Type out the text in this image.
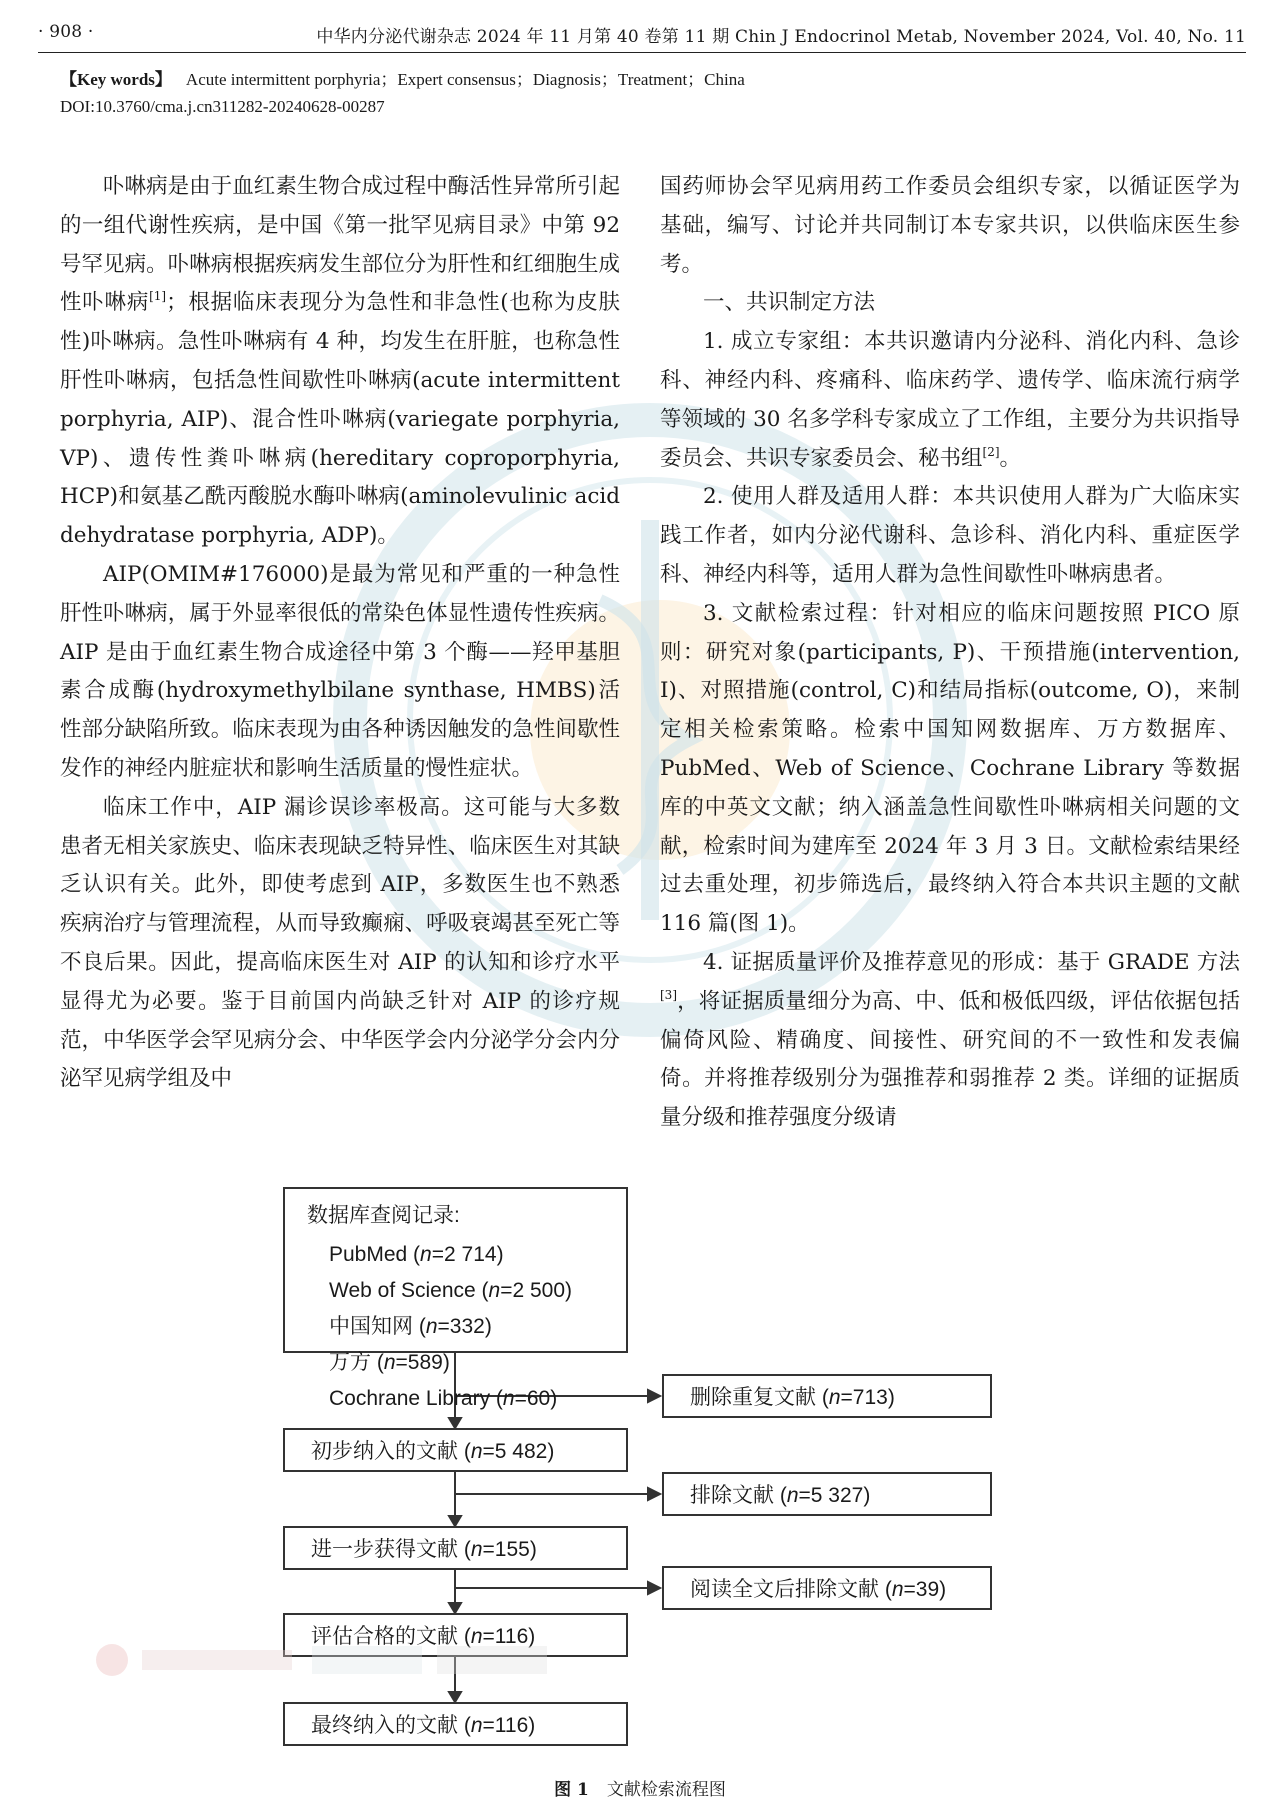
· 908 ·	中华内分泌代谢杂志 2024 年 11 月第 40 卷第 11 期 Chin J Endocrinol Metab, November 2024, Vol. 40, No. 11
【Key words】 Acute intermittent porphyria；Expert consensus；Diagnosis；Treatment；China
DOI:10.3760/cma.j.cn311282-20240628-00287

卟啉病是由于血红素生物合成过程中酶活性异常所引起的一组代谢性疾病，是中国《第一批罕见病目录》中第 92 号罕见病。卟啉病根据疾病发生部位分为肝性和红细胞生成性卟啉病[1]；根据临床表现分为急性和非急性(也称为皮肤性)卟啉病。急性卟啉病有 4 种，均发生在肝脏，也称急性肝性卟啉病，包括急性间歇性卟啉病(acute intermittent porphyria, AIP)、混合性卟啉病(variegate porphyria, VP)、遗传性粪卟啉病(hereditary coproporphyria, HCP)和氨基乙酰丙酸脱水酶卟啉病(aminolevulinic acid dehydratase porphyria, ADP)。

AIP(OMIM#176000)是最为常见和严重的一种急性肝性卟啉病，属于外显率很低的常染色体显性遗传性疾病。AIP 是由于血红素生物合成途径中第 3 个酶——羟甲基胆素合成酶(hydroxymethylbilane synthase, HMBS)活性部分缺陷所致。临床表现为由各种诱因触发的急性间歇性发作的神经内脏症状和影响生活质量的慢性症状。

临床工作中，AIP 漏诊误诊率极高。这可能与大多数患者无相关家族史、临床表现缺乏特异性、临床医生对其缺乏认识有关。此外，即使考虑到 AIP，多数医生也不熟悉疾病治疗与管理流程，从而导致癫痫、呼吸衰竭甚至死亡等不良后果。因此，提高临床医生对 AIP 的认知和诊疗水平显得尤为必要。鉴于目前国内尚缺乏针对 AIP 的诊疗规范，中华医学会罕见病分会、中华医学会内分泌学分会内分泌罕见病学组及中

国药师协会罕见病用药工作委员会组织专家，以循证医学为基础，编写、讨论并共同制订本专家共识，以供临床医生参考。

一、共识制定方法

1. 成立专家组：本共识邀请内分泌科、消化内科、急诊科、神经内科、疼痛科、临床药学、遗传学、临床流行病学等领域的 30 名多学科专家成立了工作组，主要分为共识指导委员会、共识专家委员会、秘书组[2]。

2. 使用人群及适用人群：本共识使用人群为广大临床实践工作者，如内分泌代谢科、急诊科、消化内科、重症医学科、神经内科等，适用人群为急性间歇性卟啉病患者。

3. 文献检索过程：针对相应的临床问题按照 PICO 原则：研究对象(participants, P)、干预措施(intervention, I)、对照措施(control, C)和结局指标(outcome, O)，来制定相关检索策略。检索中国知网数据库、万方数据库、PubMed、Web of Science、Cochrane Library 等数据库的中英文文献；纳入涵盖急性间歇性卟啉病相关问题的文献，检索时间为建库至 2024 年 3 月 3 日。文献检索结果经过去重处理，初步筛选后，最终纳入符合本共识主题的文献 116 篇(图 1)。

4. 证据质量评价及推荐意见的形成：基于 GRADE 方法[3]，将证据质量细分为高、中、低和极低四级，评估依据包括偏倚风险、精确度、间接性、研究间的不一致性和发表偏倚。并将推荐级别分为强推荐和弱推荐 2 类。详细的证据质量分级和推荐强度分级请

数据库查阅记录:
PubMed (n=2 714)
Web of Science (n=2 500)
中国知网 (n=332)
万方 (n=589)
Cochrane Library (n=60)
初步纳入的文献 (n=5 482)
进一步获得文献 (n=155)
评估合格的文献 (n=116)
最终纳入的文献 (n=116)
删除重复文献 (n=713)
排除文献 (n=5 327)
阅读全文后排除文献 (n=39)
图 1 文献检索流程图
